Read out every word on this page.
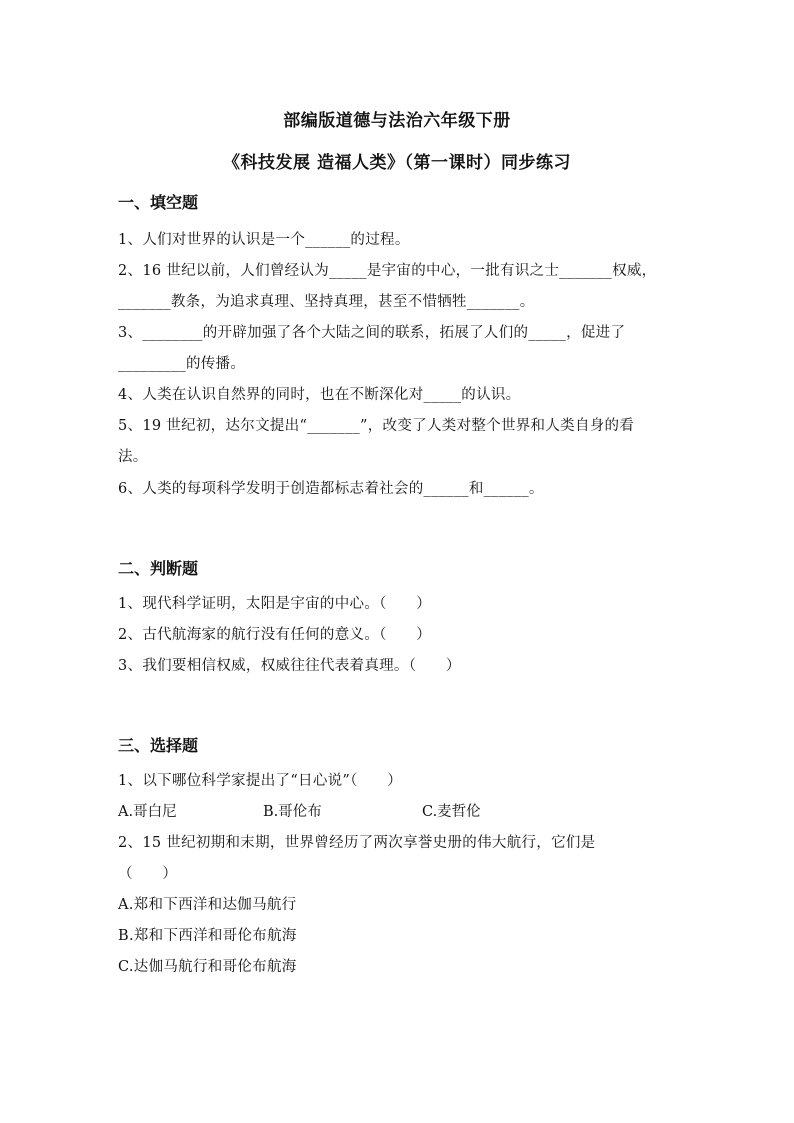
部编版道德与法治六年级下册
《科技发展 造福人类》（第一课时）同步练习
一、填空题
1、人们对世界的认识是一个______的过程。
2、16 世纪以前，人们曾经认为_____是宇宙的中心，一批有识之士_______权威，
_______教条，为追求真理、坚持真理，甚至不惜牺牲_______。
3、________的开辟加强了各个大陆之间的联系，拓展了人们的_____，促进了
_________的传播。
4、人类在认识自然界的同时，也在不断深化对_____的认识。
5、19 世纪初，达尔文提出“_______”，改变了人类对整个世界和人类自身的看
法。
6、人类的每项科学发明于创造都标志着社会的______和______。
二、判断题
1、现代科学证明，太阳是宇宙的中心。（　　）
2、古代航海家的航行没有任何的意义。（　　）
3、我们要相信权威，权威往往代表着真理。（　　）
三、选择题
1、以下哪位科学家提出了“日心说”（　　）
A.哥白尼	B.哥伦布	C.麦哲伦
2、15 世纪初期和末期，世界曾经历了两次享誉史册的伟大航行，它们是
（　　）
A.郑和下西洋和达伽马航行
B.郑和下西洋和哥伦布航海
C.达伽马航行和哥伦布航海
